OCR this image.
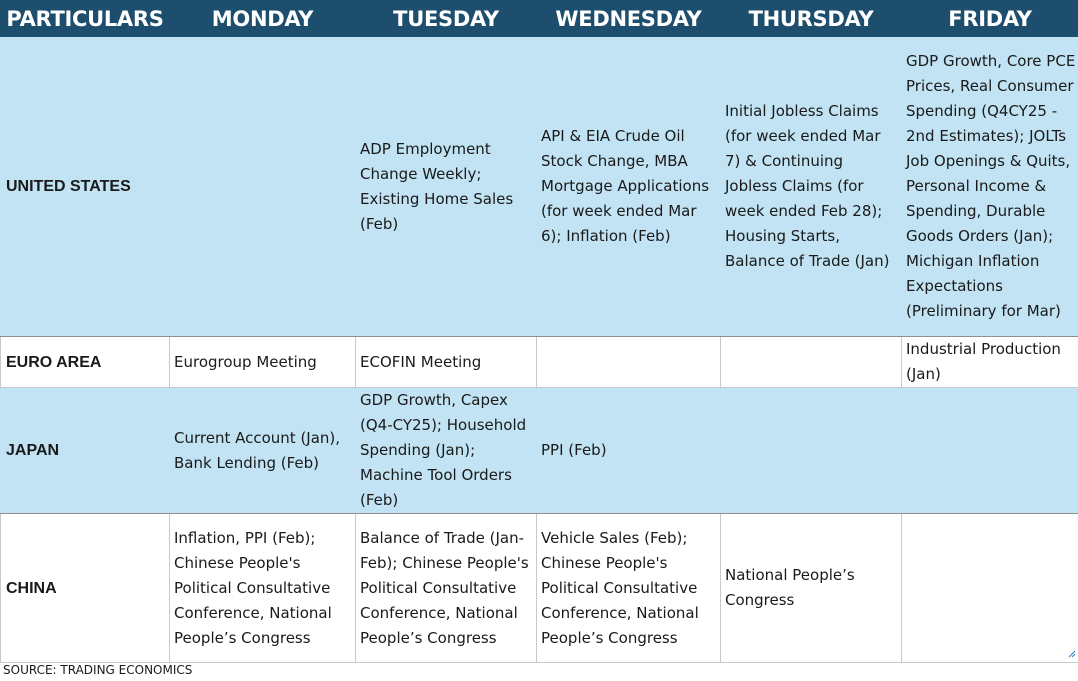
PARTICULARS	MONDAY	TUESDAY	WEDNESDAY	THURSDAY	FRIDAY
UNITED STATES		ADP Employment Change Weekly; Existing Home Sales (Feb)	API & EIA Crude Oil Stock Change, MBA Mortgage Applications (for week ended Mar 6); Inflation (Feb)	Initial Jobless Claims (for week ended Mar 7) & Continuing Jobless Claims (for week ended Feb 28); Housing Starts, Balance of Trade (Jan)	GDP Growth, Core PCE Prices, Real Consumer Spending (Q4CY25 - 2nd Estimates); JOLTs Job Openings & Quits, Personal Income & Spending, Durable Goods Orders (Jan); Michigan Inflation Expectations (Preliminary for Mar)
EURO AREA	Eurogroup Meeting	ECOFIN Meeting			Industrial Production (Jan)
JAPAN	Current Account (Jan), Bank Lending (Feb)	GDP Growth, Capex (Q4-CY25); Household Spending (Jan); Machine Tool Orders (Feb)	PPI (Feb)		
CHINA	Inflation, PPI (Feb); Chinese People's Political Consultative Conference, National People’s Congress	Balance of Trade (Jan-Feb); Chinese People's Political Consultative Conference, National People’s Congress	Vehicle Sales (Feb); Chinese People's Political Consultative Conference, National People’s Congress	National People’s Congress	
SOURCE: TRADING ECONOMICS
